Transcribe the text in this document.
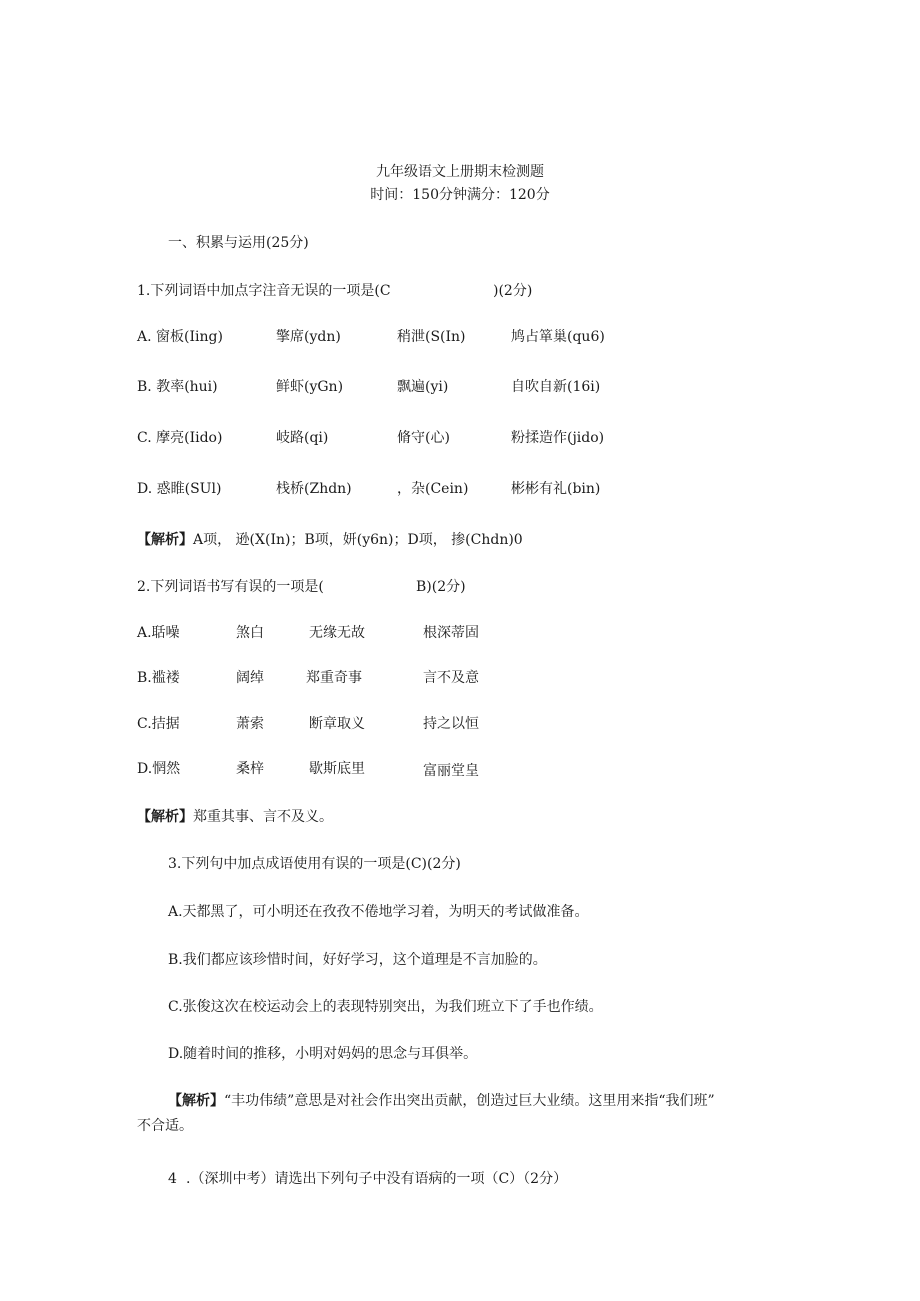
九年级语文上册期末检测题
时间：150分钟满分：120分
一、积累与运用(25分)
1.下列词语中加点字注音无误的一项是(C	)(2分)
A. 窗板(Iing)	擎席(ydn)	稍泄(S(In)	鸠占箪巢(qu6)
B. 教率(hui)	鲜虾(yGn)	飘遍(yi)	自吹自新(16i)
C. 摩亮(Iido)	岐路(qi)	脩守(心)	粉揉造作(jido)
D. 惑睢(SUl)	栈桥(Zhdn)	，杂(Cein)	彬彬有礼(bin)
【解析】A项， 逊(X(In)；B项，妍(y6n)；D项， 掺(Chdn)0
2.下列词语书写有误的一项是(	B)(2分)
A.聒噪	煞白	无缘无故	根深蒂固
B.褴褛	阔绰	郑重奇事	言不及意
C.拮据	萧索	断章取义	持之以恒
D.惘然	桑梓	歇斯底里	富丽堂皇
【解析】郑重其事、言不及义。
3.下列句中加点成语使用有误的一项是(C)(2分)
A.天都黑了，可小明还在孜孜不倦地学习着，为明天的考试做准备。
B.我们都应该珍惜时间，好好学习，这个道理是不言加脸的。
C.张俊这次在校运动会上的表现特别突出，为我们班立下了手也作绩。
D.随着时间的推移，小明对妈妈的思念与耳俱举。
【解析】“丰功伟绩”意思是对社会作出突出贡献，创造过巨大业绩。这里用来指“我们班”
不合适。
4 .（深圳中考）请选出下列句子中没有语病的一项（C）（2分）
